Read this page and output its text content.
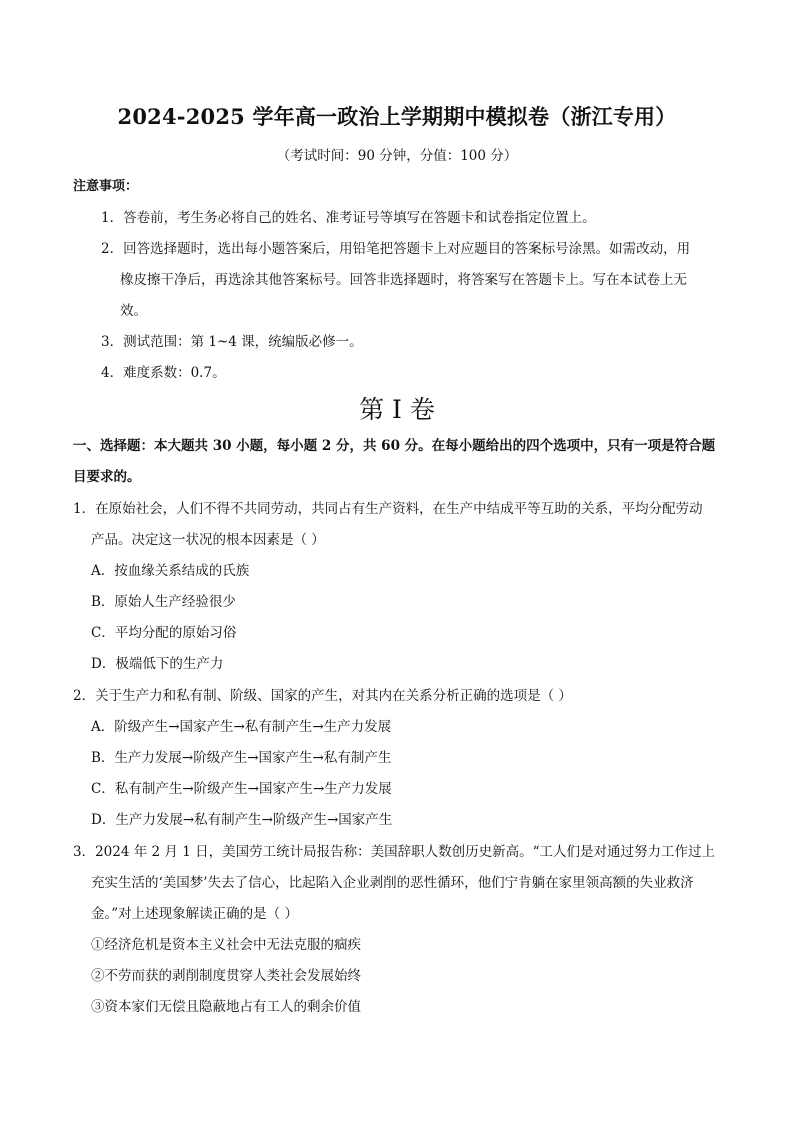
2024-2025 学年高一政治上学期期中模拟卷（浙江专用）
（考试时间：90 分钟，分值：100 分）
注意事项：
1．答卷前，考生务必将自己的姓名、准考证号等填写在答题卡和试卷指定位置上。
2．回答选择题时，选出每小题答案后，用铅笔把答题卡上对应题目的答案标号涂黑。如需改动，用
橡皮擦干净后，再选涂其他答案标号。回答非选择题时，将答案写在答题卡上。写在本试卷上无
效。
3．测试范围：第 1~4 课，统编版必修一。
4．难度系数：0.7。
第 I 卷
一、选择题：本大题共 30 小题，每小题 2 分，共 60 分。在每小题给出的四个选项中，只有一项是符合题
目要求的。
1．在原始社会，人们不得不共同劳动，共同占有生产资料，在生产中结成平等互助的关系，平均分配劳动
产品。决定这一状况的根本因素是（ ）
A．按血缘关系结成的氏族
B．原始人生产经验很少
C．平均分配的原始习俗
D．极端低下的生产力
2．关于生产力和私有制、阶级、国家的产生，对其内在关系分析正确的选项是（ ）
A．阶级产生→国家产生→私有制产生→生产力发展
B．生产力发展→阶级产生→国家产生→私有制产生
C．私有制产生→阶级产生→国家产生→生产力发展
D．生产力发展→私有制产生→阶级产生→国家产生
3．2024 年 2 月 1 日，美国劳工统计局报告称：美国辞职人数创历史新高。“工人们是对通过努力工作过上
充实生活的‘美国梦’失去了信心，比起陷入企业剥削的恶性循环，他们宁肯躺在家里领高额的失业救济
金。”对上述现象解读正确的是（ ）
①经济危机是资本主义社会中无法克服的痼疾
②不劳而获的剥削制度贯穿人类社会发展始终
③资本家们无偿且隐蔽地占有工人的剩余价值
